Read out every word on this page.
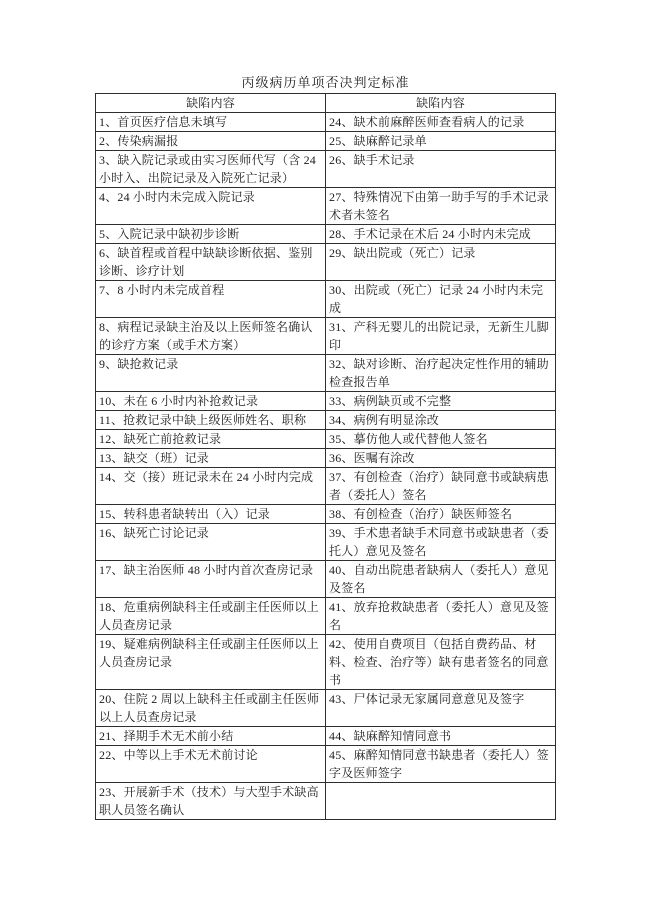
丙级病历单项否决判定标准
缺陷内容	缺陷内容
1、首页医疗信息未填写	24、缺术前麻醉医师查看病人的记录
2、传染病漏报	25、缺麻醉记录单
3、缺入院记录或由实习医师代写（含 24 小时入、出院记录及入院死亡记录）	26、缺手术记录
4、24 小时内未完成入院记录	27、特殊情况下由第一助手写的手术记录术者未签名
5、入院记录中缺初步诊断	28、手术记录在术后 24 小时内未完成
6、缺首程或首程中缺缺诊断依据、鉴别诊断、诊疗计划	29、缺出院或（死亡）记录
7、8 小时内未完成首程	30、出院或（死亡）记录 24 小时内未完成
8、病程记录缺主治及以上医师签名确认的诊疗方案（或手术方案）	31、产科无婴儿的出院记录，无新生儿脚印
9、缺抢救记录	32、缺对诊断、治疗起决定性作用的辅助检查报告单
10、未在 6 小时内补抢救记录	33、病例缺页或不完整
11、抢救记录中缺上级医师姓名、职称	34、病例有明显涂改
12、缺死亡前抢救记录	35、摹仿他人或代替他人签名
13、缺交（班）记录	36、医嘱有涂改
14、交（接）班记录未在 24 小时内完成	37、有创检查（治疗）缺同意书或缺病患者（委托人）签名
15、转科患者缺转出（入）记录	38、有创检查（治疗）缺医师签名
16、缺死亡讨论记录	39、手术患者缺手术同意书或缺患者（委托人）意见及签名
17、缺主治医师 48 小时内首次查房记录	40、自动出院患者缺病人（委托人）意见及签名
18、危重病例缺科主任或副主任医师以上人员查房记录	41、放弃抢救缺患者（委托人）意见及签名
19、疑难病例缺科主任或副主任医师以上人员查房记录	42、使用自费项目（包括自费药品、材料、检查、治疗等）缺有患者签名的同意书
20、住院 2 周以上缺科主任或副主任医师以上人员查房记录	43、尸体记录无家属同意意见及签字
21、择期手术无术前小结	44、缺麻醉知情同意书
22、中等以上手术无术前讨论	45、麻醉知情同意书缺患者（委托人）签字及医师签字
23、开展新手术（技术）与大型手术缺高职人员签名确认	
